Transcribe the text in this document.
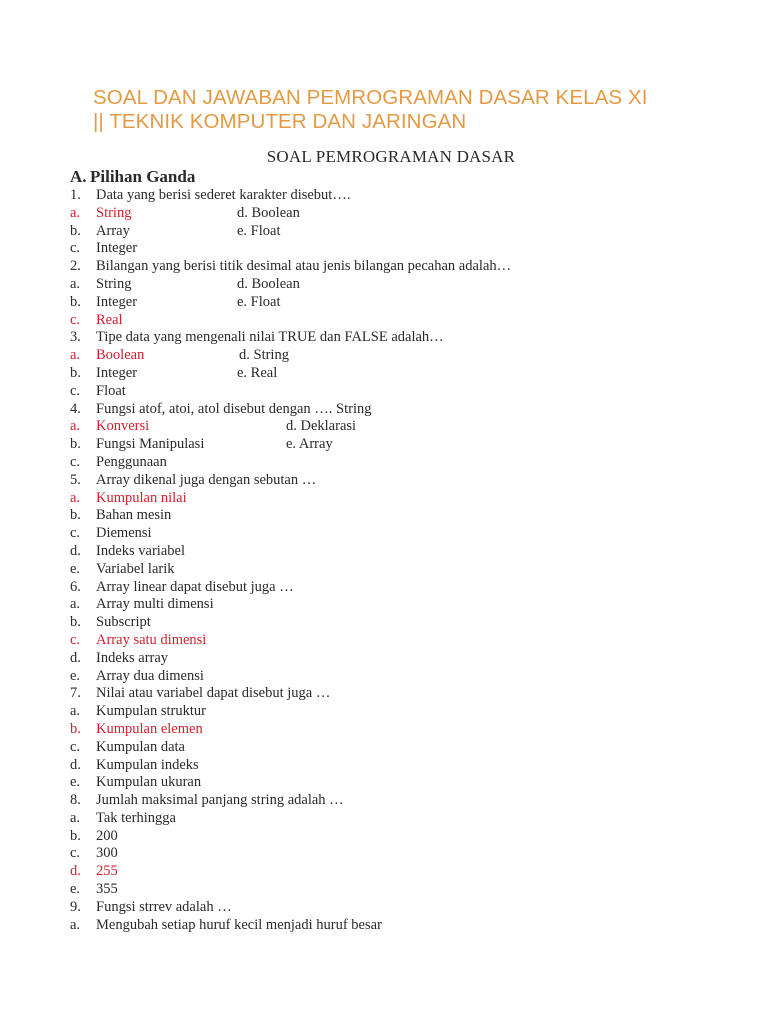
SOAL DAN JAWABAN PEMROGRAMAN DASAR KELAS XI
|| TEKNIK KOMPUTER DAN JARINGAN
SOAL PEMROGRAMAN DASAR
A. Pilihan Ganda
1. Data yang berisi sederet karakter disebut….
a. String	d. Boolean
b. Array	e. Float
c. Integer
2. Bilangan yang berisi titik desimal atau jenis bilangan pecahan adalah…
a. String	d. Boolean
b. Integer	e. Float
c. Real
3. Tipe data yang mengenali nilai TRUE dan FALSE adalah…
a. Boolean	d. String
b. Integer	e. Real
c. Float
4. Fungsi atof, atoi, atol disebut dengan …. String
a. Konversi	d. Deklarasi
b. Fungsi Manipulasi	e. Array
c. Penggunaan
5. Array dikenal juga dengan sebutan …
a. Kumpulan nilai
b. Bahan mesin
c. Diemensi
d. Indeks variabel
e. Variabel larik
6. Array linear dapat disebut juga …
a. Array multi dimensi
b. Subscript
c. Array satu dimensi
d. Indeks array
e. Array dua dimensi
7. Nilai atau variabel dapat disebut juga …
a. Kumpulan struktur
b. Kumpulan elemen
c. Kumpulan data
d. Kumpulan indeks
e. Kumpulan ukuran
8. Jumlah maksimal panjang string adalah …
a. Tak terhingga
b. 200
c. 300
d. 255
e. 355
9. Fungsi strrev adalah …
a. Mengubah setiap huruf kecil menjadi huruf besar
